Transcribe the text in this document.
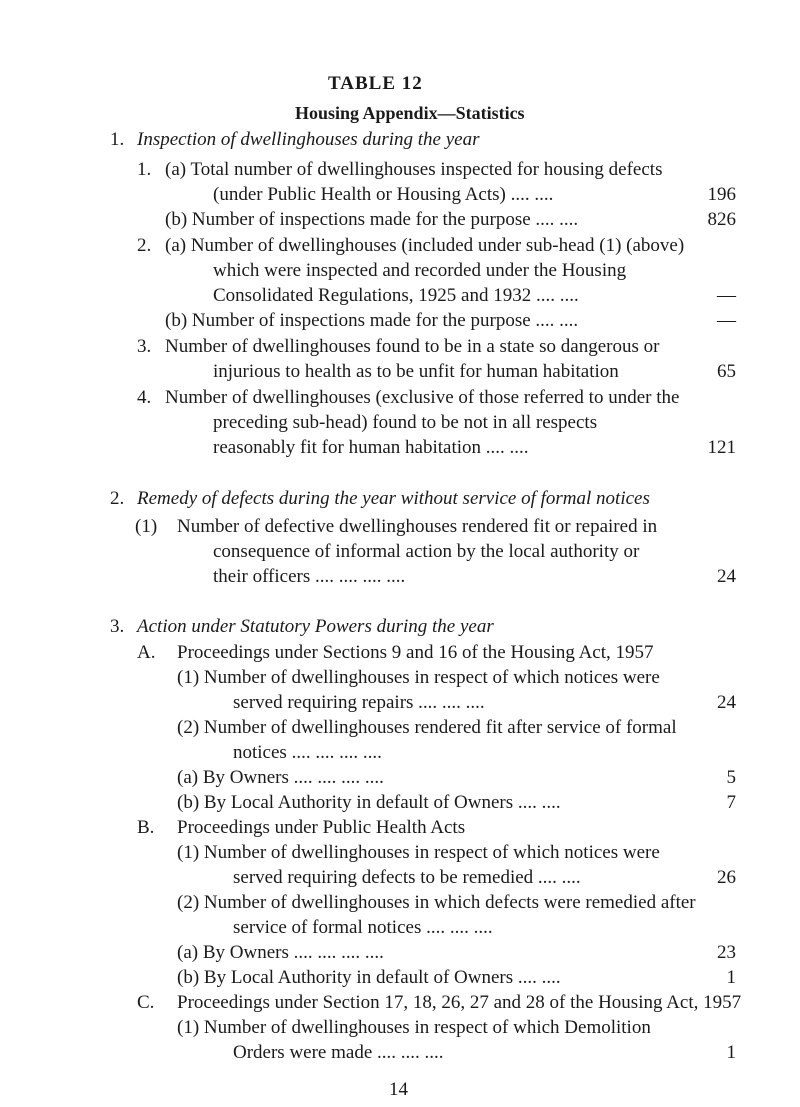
TABLE 12
Housing Appendix—Statistics
1. Inspection of dwellinghouses during the year
1. (a) Total number of dwellinghouses inspected for housing defects
(under Public Health or Housing Acts) .... ....	196
(b) Number of inspections made for the purpose .... ....	826
2. (a) Number of dwellinghouses (included under sub-head (1) (above)
which were inspected and recorded under the Housing
Consolidated Regulations, 1925 and 1932 .... ....	—
(b) Number of inspections made for the purpose .... ....	—
3. Number of dwellinghouses found to be in a state so dangerous or
injurious to health as to be unfit for human habitation	65
4. Number of dwellinghouses (exclusive of those referred to under the
preceding sub-head) found to be not in all respects
reasonably fit for human habitation .... ....	121
2. Remedy of defects during the year without service of formal notices
(1) Number of defective dwellinghouses rendered fit or repaired in
consequence of informal action by the local authority or
their officers .... .... .... ....	24
3. Action under Statutory Powers during the year
A. Proceedings under Sections 9 and 16 of the Housing Act, 1957
(1) Number of dwellinghouses in respect of which notices were
served requiring repairs .... .... ....	24
(2) Number of dwellinghouses rendered fit after service of formal
notices .... .... .... ....
(a) By Owners .... .... .... ....	5
(b) By Local Authority in default of Owners .... ....	7
B. Proceedings under Public Health Acts
(1) Number of dwellinghouses in respect of which notices were
served requiring defects to be remedied .... ....	26
(2) Number of dwellinghouses in which defects were remedied after
service of formal notices .... .... ....
(a) By Owners .... .... .... ....	23
(b) By Local Authority in default of Owners .... ....	1
C. Proceedings under Section 17, 18, 26, 27 and 28 of the Housing Act, 1957
(1) Number of dwellinghouses in respect of which Demolition
Orders were made .... .... ....	1
14
